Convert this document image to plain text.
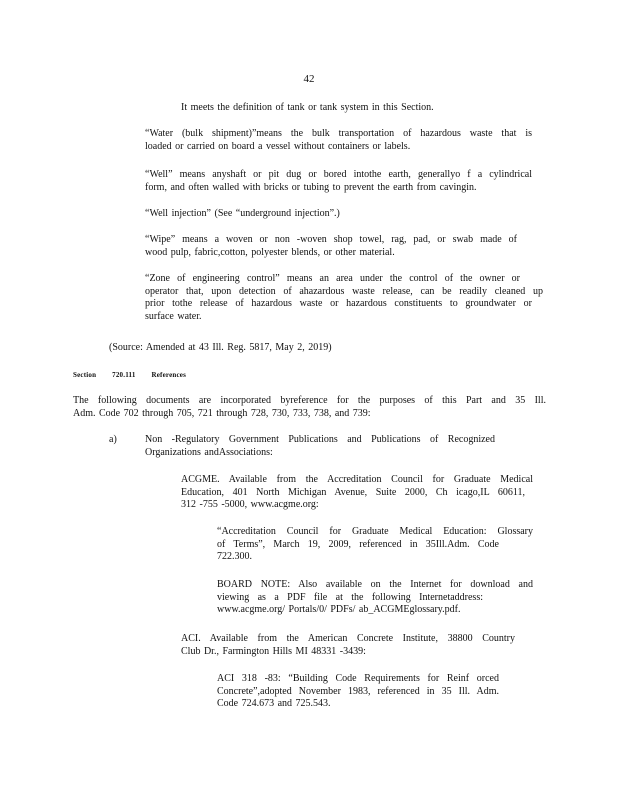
42
It meets the definition of tank or tank system in this Section.
“Water (bulk shipment)”means the bulk transportation of hazardous waste that is
loaded or carried on board a vessel without containers or labels.
“Well” means anyshaft or pit dug or bored intothe earth, generallyo f a cylindrical
form, and often walled with bricks or tubing to prevent the earth from cavingin.
“Well injection” (See “underground injection”.)
“Wipe” means a woven or non -woven shop towel, rag, pad, or swab made of
wood pulp, fabric,cotton, polyester blends, or other material.
“Zone of engineering control” means an area under the control of the owner or
operator that, upon detection of ahazardous waste release, can be readily cleaned up
prior tothe release of hazardous waste or hazardous constituents to groundwater or
surface water.
(Source: Amended at 43 Ill. Reg. 5817, May 2, 2019)
Section 720.111 References
The following documents are incorporated byreference for the purposes of this Part and 35 Ill.
Adm. Code 702 through 705, 721 through 728, 730, 733, 738, and 739:
a)	Non -Regulatory Government Publications and Publications of Recognized
Organizations andAssociations:
ACGME. Available from the Accreditation Council for Graduate Medical
Education, 401 North Michigan Avenue, Suite 2000, Ch icago,IL 60611,
312 -755 -5000, www.acgme.org:
“Accreditation Council for Graduate Medical Education: Glossary
of Terms”, March 19, 2009, referenced in 35Ill.Adm. Code
722.300.
BOARD NOTE: Also available on the Internet for download and
viewing as a PDF file at the following Internetaddress:
www.acgme.org/ Portals/0/ PDFs/ ab_ACGMEglossary.pdf.
ACI. Available from the American Concrete Institute, 38800 Country
Club Dr., Farmington Hills MI 48331 -3439:
ACI 318 -83: “Building Code Requirements for Reinf orced
Concrete”,adopted November 1983, referenced in 35 Ill. Adm.
Code 724.673 and 725.543.
